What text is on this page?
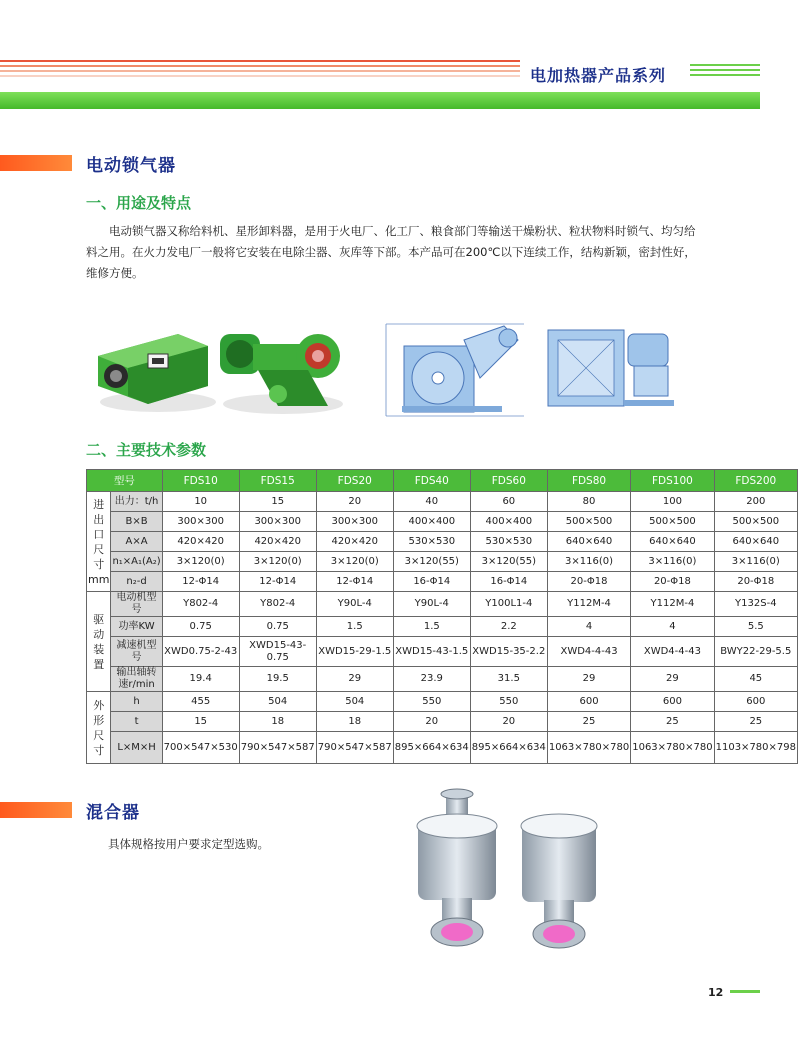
电加热器产品系列
电动锁气器
一、用途及特点
电动锁气器又称给料机、星形卸料器，是用于火电厂、化工厂、粮食部门等输送干燥粉状、粒状物料时锁气、均匀给料之用。在火力发电厂一般将它安装在电除尘器、灰库等下部。本产品可在200℃以下连续工作，结构新颖，密封性好，维修方便。
二、主要技术参数
型号		FDS10	FDS15	FDS20	FDS40	FDS60	FDS80	FDS100	FDS200
进出口尺寸mm	出力：t/h	10	15	20	40	60	80	100	200
	B×B	300×300	300×300	300×300	400×400	400×400	500×500	500×500	500×500
	A×A	420×420	420×420	420×420	530×530	530×530	640×640	640×640	640×640
	n₁×A₁(A₂)	3×120(0)	3×120(0)	3×120(0)	3×120(55)	3×120(55)	3×116(0)	3×116(0)	3×116(0)
	n₂-d	12-Φ14	12-Φ14	12-Φ14	16-Φ14	16-Φ14	20-Φ18	20-Φ18	20-Φ18
驱动装置	电动机型号	Y802-4	Y802-4	Y90L-4	Y90L-4	Y100L1-4	Y112M-4	Y112M-4	Y132S-4
	功率KW	0.75	0.75	1.5	1.5	2.2	4	4	5.5
	减速机型号	XWD0.75-2-43	XWD15-43-0.75	XWD15-29-1.5	XWD15-43-1.5	XWD15-35-2.2	XWD4-4-43	XWD4-4-43	BWY22-29-5.5
	输出轴转速r/min	19.4	19.5	29	23.9	31.5	29	29	45
外形尺寸	h	455	504	504	550	550	600	600	600
	t	15	18	18	20	20	25	25	25
	L×M×H	700×547×530	790×547×587	790×547×587	895×664×634	895×664×634	1063×780×780	1063×780×780	1103×780×798
混合器
具体规格按用户要求定型选购。
12
